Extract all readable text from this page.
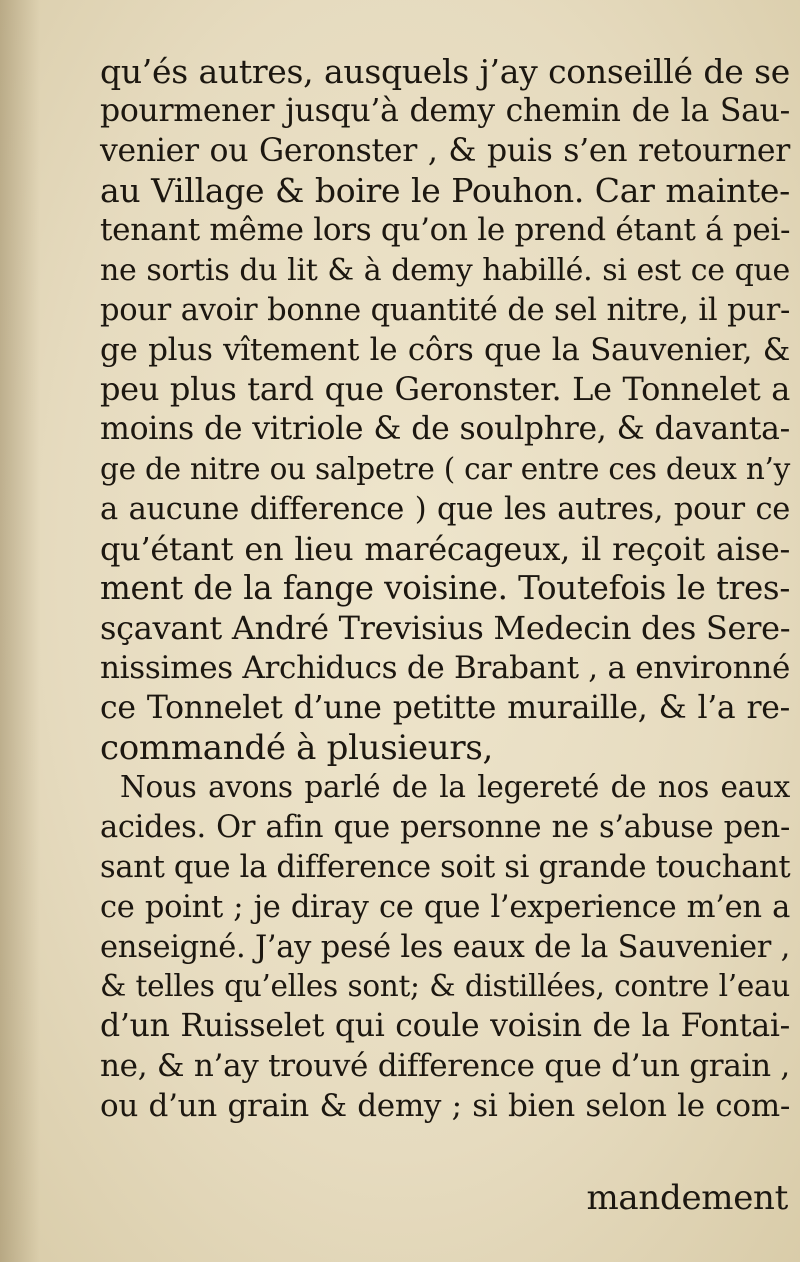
qu’és autres, ausquels j’ay conseillé de se
pourmener jusqu’à demy chemin de la Sau-
venier ou Geronster , & puis s’en retourner
au Village & boire le Pouhon. Car mainte-
tenant même lors qu’on le prend étant á pei-
ne sortis du lit & à demy habillé. si est ce que
pour avoir bonne quantité de sel nitre, il pur-
ge plus vîtement le côrs que la Sauvenier, &
peu plus tard que Geronster. Le Tonnelet a
moins de vitriole & de soulphre, & davanta-
ge de nitre ou salpetre ( car entre ces deux n’y
a aucune difference ) que les autres, pour ce
qu’étant en lieu marécageux, il reçoit aise-
ment de la fange voisine. Toutefois le tres-
sçavant André Trevisius Medecin des Sere-
nissimes Archiducs de Brabant , a environné
ce Tonnelet d’une petitte muraille, & l’a re-
commandé à plusieurs,
Nous avons parlé de la legereté de nos eaux
acides. Or afin que personne ne s’abuse pen-
sant que la difference soit si grande touchant
ce point ; je diray ce que l’experience m’en a
enseigné. J’ay pesé les eaux de la Sauvenier ,
& telles qu’elles sont; & distillées, contre l’eau
d’un Ruisselet qui coule voisin de la Fontai-
ne, & n’ay trouvé difference que d’un grain ,
ou d’un grain & demy ; si bien selon le com-
mandement
